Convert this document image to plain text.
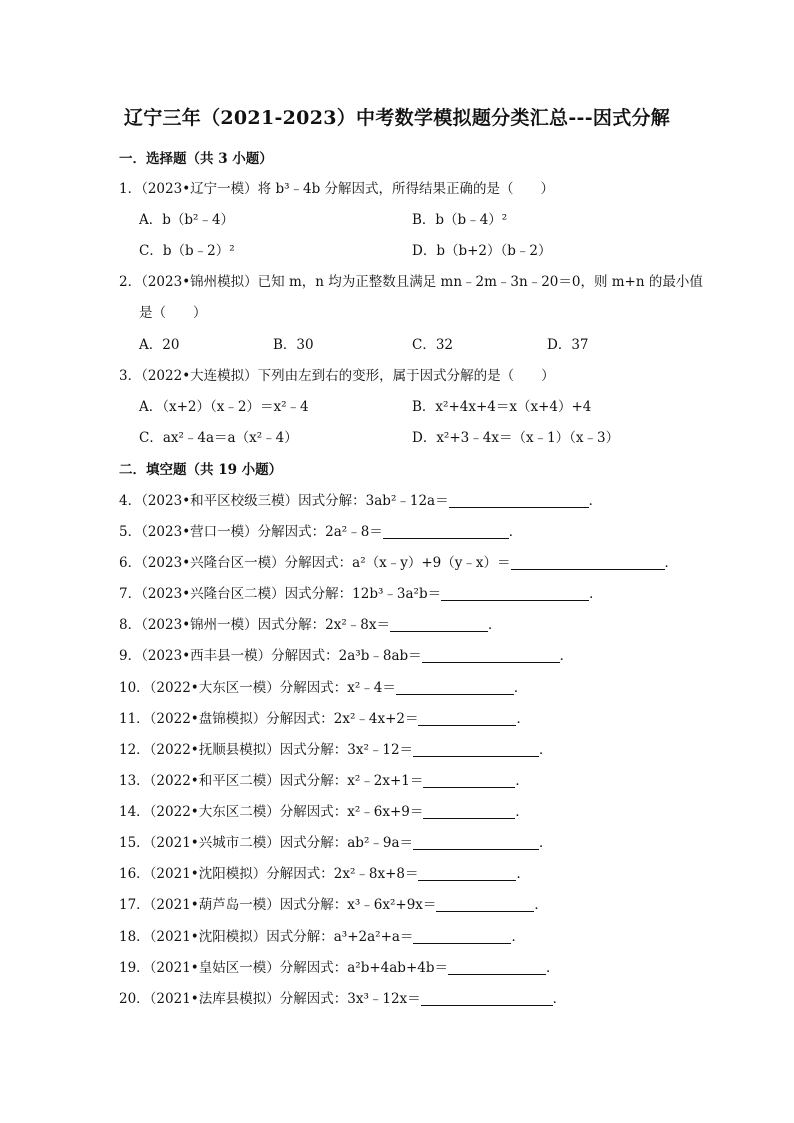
辽宁三年（2021-2023）中考数学模拟题分类汇总---因式分解
一．选择题（共 3 小题）
1．（2023•辽宁一模）将 b³﹣4b 分解因式，所得结果正确的是（　　）
A．b（b²﹣4）	B．b（b﹣4）²
C．b（b﹣2）²	D．b（b+2）（b﹣2）
2．（2023•锦州模拟）已知 m，n 均为正整数且满足 mn﹣2m﹣3n﹣20＝0，则 m+n 的最小值
是（　　）
A．20	B．30	C．32	D．37
3．（2022•大连模拟）下列由左到右的变形，属于因式分解的是（　　）
A．（x+2）（x﹣2）＝x²﹣4	B．x²+4x+4＝x（x+4）+4
C．ax²﹣4a＝a（x²﹣4）	D．x²+3﹣4x＝（x﹣1）（x﹣3）
二．填空题（共 19 小题）
4．（2023•和平区校级三模）因式分解：3ab²﹣12a＝	．
5．（2023•营口一模）分解因式：2a²﹣8＝	．
6．（2023•兴隆台区一模）分解因式：a²（x﹣y）+9（y﹣x）＝	．
7．（2023•兴隆台区二模）因式分解：12b³﹣3a²b＝	．
8．（2023•锦州一模）因式分解：2x²﹣8x＝	．
9．（2023•西丰县一模）分解因式：2a³b﹣8ab＝	．
10．（2022•大东区一模）分解因式：x²﹣4＝	．
11．（2022•盘锦模拟）分解因式：2x²﹣4x+2＝	．
12．（2022•抚顺县模拟）因式分解：3x²﹣12＝	．
13．（2022•和平区二模）因式分解：x²﹣2x+1＝	．
14．（2022•大东区二模）分解因式：x²﹣6x+9＝	．
15．（2021•兴城市二模）因式分解：ab²﹣9a＝	．
16．（2021•沈阳模拟）分解因式：2x²﹣8x+8＝	．
17．（2021•葫芦岛一模）因式分解：x³﹣6x²+9x＝	．
18．（2021•沈阳模拟）因式分解：a³+2a²+a＝	．
19．（2021•皇姑区一模）分解因式：a²b+4ab+4b＝	．
20．（2021•法库县模拟）分解因式：3x³﹣12x＝	．
